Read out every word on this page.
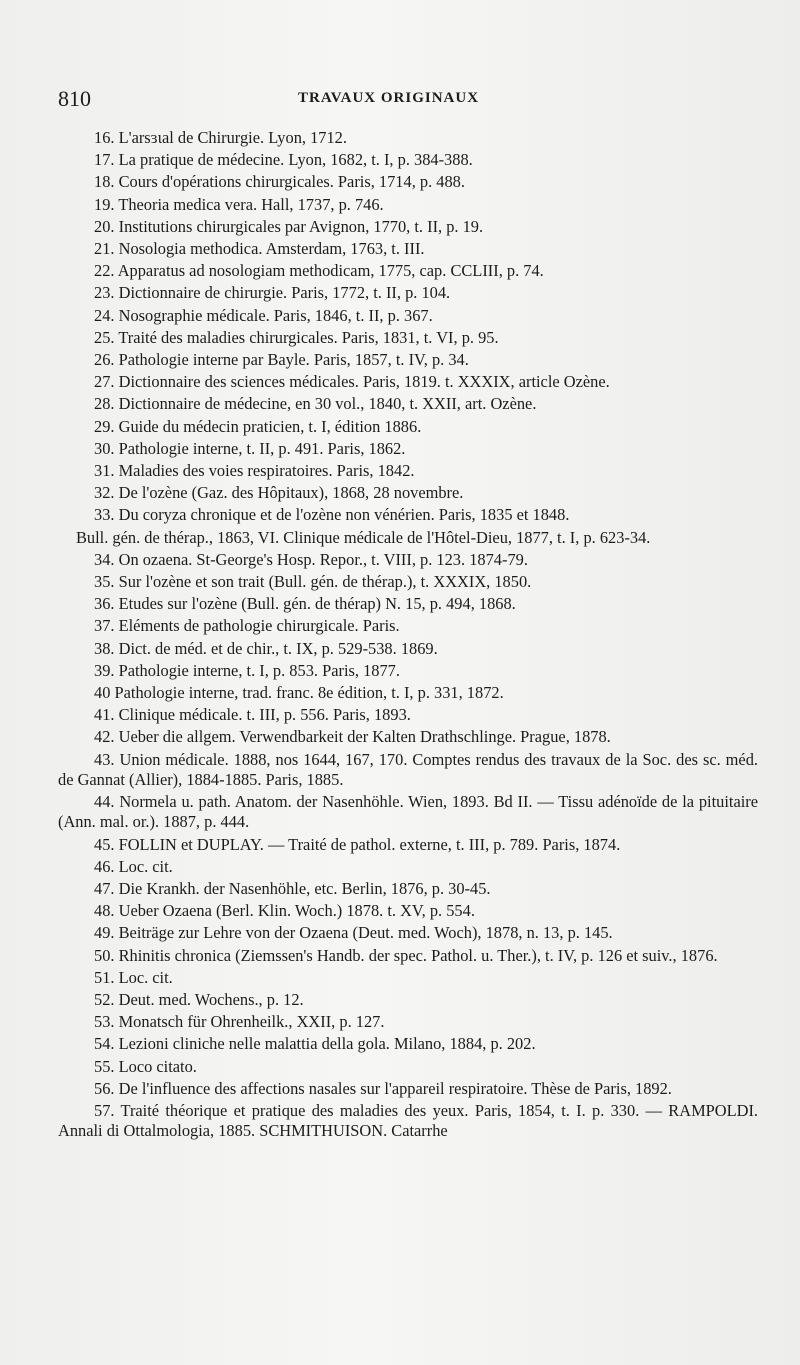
810	TRAVAUX ORIGINAUX

16. L'arsɜɩal de Chirurgie. Lyon, 1712.

17. La pratique de médecine. Lyon, 1682, t. I, p. 384-388.

18. Cours d'opérations chirurgicales. Paris, 1714, p. 488.

19. Theoria medica vera. Hall, 1737, p. 746.

20. Institutions chirurgicales par Avignon, 1770, t. II, p. 19.

21. Nosologia methodica. Amsterdam, 1763, t. III.

22. Apparatus ad nosologiam methodicam, 1775, cap. CCLIII, p. 74.

23. Dictionnaire de chirurgie. Paris, 1772, t. II, p. 104.

24. Nosographie médicale. Paris, 1846, t. II, p. 367.

25. Traité des maladies chirurgicales. Paris, 1831, t. VI, p. 95.

26. Pathologie interne par Bayle. Paris, 1857, t. IV, p. 34.

27. Dictionnaire des sciences médicales. Paris, 1819. t. XXXIX, article Ozène.

28. Dictionnaire de médecine, en 30 vol., 1840, t. XXII, art. Ozène.

29. Guide du médecin praticien, t. I, édition 1886.

30. Pathologie interne, t. II, p. 491. Paris, 1862.

31. Maladies des voies respiratoires. Paris, 1842.

32. De l'ozène (Gaz. des Hôpitaux), 1868, 28 novembre.

33. Du coryza chronique et de l'ozène non vénérien. Paris, 1835 et 1848.

Bull. gén. de thérap., 1863, VI. Clinique médicale de l'Hôtel-Dieu, 1877, t. I, p. 623-34.

34. On ozaena. St-George's Hosp. Repor., t. VIII, p. 123. 1874-79.

35. Sur l'ozène et son trait (Bull. gén. de thérap.), t. XXXIX, 1850.

36. Etudes sur l'ozène (Bull. gén. de thérap) N. 15, p. 494, 1868.

37. Eléments de pathologie chirurgicale. Paris.

38. Dict. de méd. et de chir., t. IX, p. 529-538. 1869.

39. Pathologie interne, t. I, p. 853. Paris, 1877.

40 Pathologie interne, trad. franc. 8e édition, t. I, p. 331, 1872.

41. Clinique médicale. t. III, p. 556. Paris, 1893.

42. Ueber die allgem. Verwendbarkeit der Kalten Drathschlinge. Prague, 1878.

43. Union médicale. 1888, nos 1644, 167, 170. Comptes rendus des travaux de la Soc. des sc. méd. de Gannat (Allier), 1884-1885. Paris, 1885.

44. Normela u. path. Anatom. der Nasenhöhle. Wien, 1893. Bd II. — Tissu adénoïde de la pituitaire (Ann. mal. or.). 1887, p. 444.

45. FOLLIN et DUPLAY. — Traité de pathol. externe, t. III, p. 789. Paris, 1874.

46. Loc. cit.

47. Die Krankh. der Nasenhöhle, etc. Berlin, 1876, p. 30-45.

48. Ueber Ozaena (Berl. Klin. Woch.) 1878. t. XV, p. 554.

49. Beiträge zur Lehre von der Ozaena (Deut. med. Woch), 1878, n. 13, p. 145.

50. Rhinitis chronica (Ziemssen's Handb. der spec. Pathol. u. Ther.), t. IV, p. 126 et suiv., 1876.

51. Loc. cit.

52. Deut. med. Wochens., p. 12.

53. Monatsch für Ohrenheilk., XXII, p. 127.

54. Lezioni cliniche nelle malattia della gola. Milano, 1884, p. 202.

55. Loco citato.

56. De l'influence des affections nasales sur l'appareil respiratoire. Thèse de Paris, 1892.

57. Traité théorique et pratique des maladies des yeux. Paris, 1854, t. I. p. 330. — RAMPOLDI. Annali di Ottalmologia, 1885. SCHMITHUISON. Catarrhe
